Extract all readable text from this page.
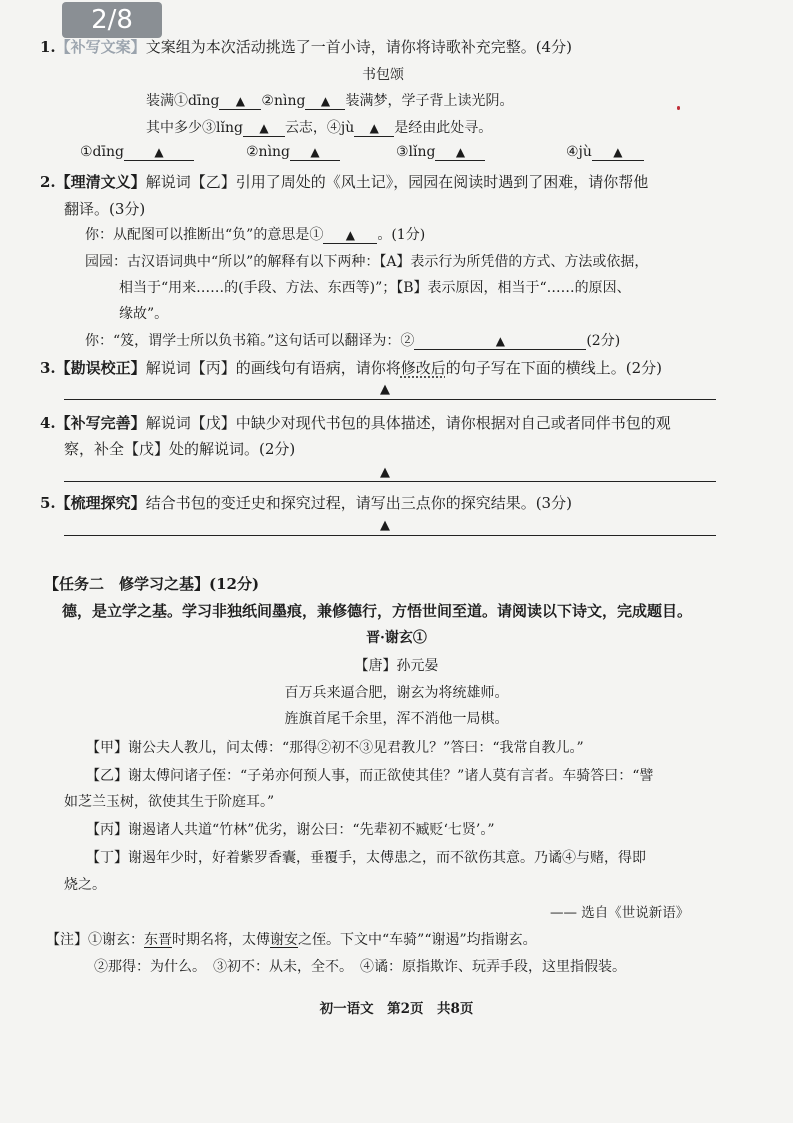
2/8
1.【补写文案】文案组为本次活动挑选了一首小诗，请你将诗歌补充完整。(4分)
书包颂
装满①dīng ▲ ②nìng ▲ 装满梦，学子背上读光阴。
其中多少③lǐng ▲ 云志，④jù ▲ 是经由此处寻。
①dīng	▲	②nìng ▲	③lǐng ▲	④jù ▲
2.【理清文义】解说词【乙】引用了周处的《风土记》，园园在阅读时遇到了困难，请你帮他
翻译。(3分)
你：从配图可以推断出“负”的意思是① ▲ 。(1分)
园园：古汉语词典中“所以”的解释有以下两种：【A】表示行为所凭借的方式、方法或依据，
相当于“用来……的(手段、方法、东西等)”；【B】表示原因，相当于“……的原因、
缘故”。
你：“笈，谓学士所以负书箱。”这句话可以翻译为：②	▲	(2分)
3.【勘误校正】解说词【丙】的画线句有语病，请你将修改后的句子写在下面的横线上。(2分)
▲
4.【补写完善】解说词【戊】中缺少对现代书包的具体描述，请你根据对自己或者同伴书包的观
察，补全【戊】处的解说词。(2分)
▲
5.【梳理探究】结合书包的变迁史和探究过程，请写出三点你的探究结果。(3分)
▲
【任务二　修学习之基】(12分)
德，是立学之基。学习非独纸间墨痕，兼修德行，方悟世间至道。请阅读以下诗文，完成题目。
晋·谢玄①
【唐】孙元晏
百万兵来逼合肥，谢玄为将统雄师。
旌旗首尾千余里，浑不消他一局棋。
【甲】谢公夫人教儿，问太傅：“那得②初不③见君教儿？”答曰：“我常自教儿。”
【乙】谢太傅问诸子侄：“子弟亦何预人事，而正欲使其佳？”诸人莫有言者。车骑答曰：“譬
如芝兰玉树，欲使其生于阶庭耳。”
【丙】谢遏诸人共道“竹林”优劣，谢公曰：“先辈初不臧贬‘七贤’。”
【丁】谢遏年少时，好着紫罗香囊，垂覆手，太傅患之，而不欲伤其意。乃谲④与赌，得即
烧之。
—— 选自《世说新语》
【注】①谢玄：东晋时期名将，太傅谢安之侄。下文中“车骑”“谢遏”均指谢玄。
②那得：为什么。　③初不：从未，全不。　④谲：原指欺诈、玩弄手段，这里指假装。
初一语文　第2页　共8页
